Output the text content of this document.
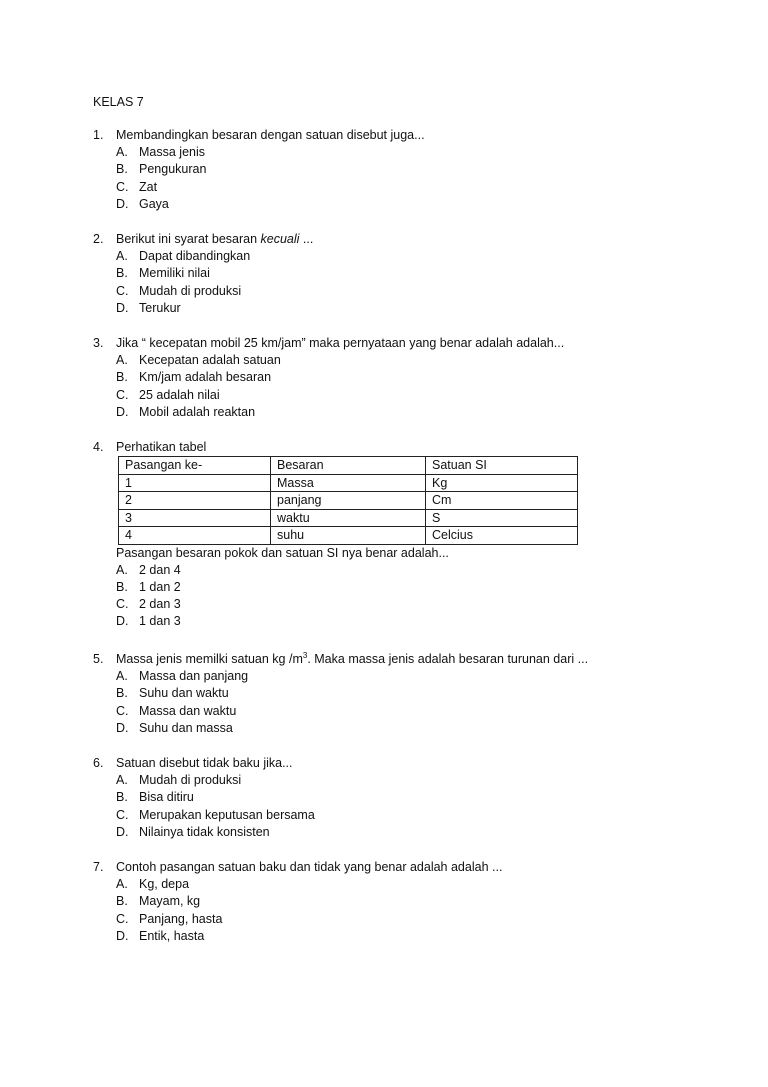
KELAS 7
1. Membandingkan besaran dengan satuan disebut juga...
A. Massa jenis
B. Pengukuran
C. Zat
D. Gaya
2. Berikut ini syarat besaran kecuali ...
A. Dapat dibandingkan
B. Memiliki nilai
C. Mudah di produksi
D. Terukur
3. Jika “ kecepatan mobil 25 km/jam” maka pernyataan yang benar adalah adalah...
A. Kecepatan adalah satuan
B. Km/jam adalah besaran
C. 25 adalah nilai
D. Mobil adalah reaktan
4. Perhatikan tabel
Pasangan ke-	Besaran	Satuan SI
1	Massa	Kg
2	panjang	Cm
3	waktu	S
4	suhu	Celcius
Pasangan besaran pokok dan satuan SI nya benar adalah...
A. 2 dan 4
B. 1 dan 2
C. 2 dan 3
D. 1 dan 3
5. Massa jenis memilki satuan kg $/m^3$. Maka massa jenis adalah besaran turunan dari ...
A. Massa dan panjang
B. Suhu dan waktu
C. Massa dan waktu
D. Suhu dan massa
6. Satuan disebut tidak baku jika...
A. Mudah di produksi
B. Bisa ditiru
C. Merupakan keputusan bersama
D. Nilainya tidak konsisten
7. Contoh pasangan satuan baku dan tidak yang benar adalah adalah ...
A. Kg, depa
B. Mayam, kg
C. Panjang, hasta
D. Entik, hasta
